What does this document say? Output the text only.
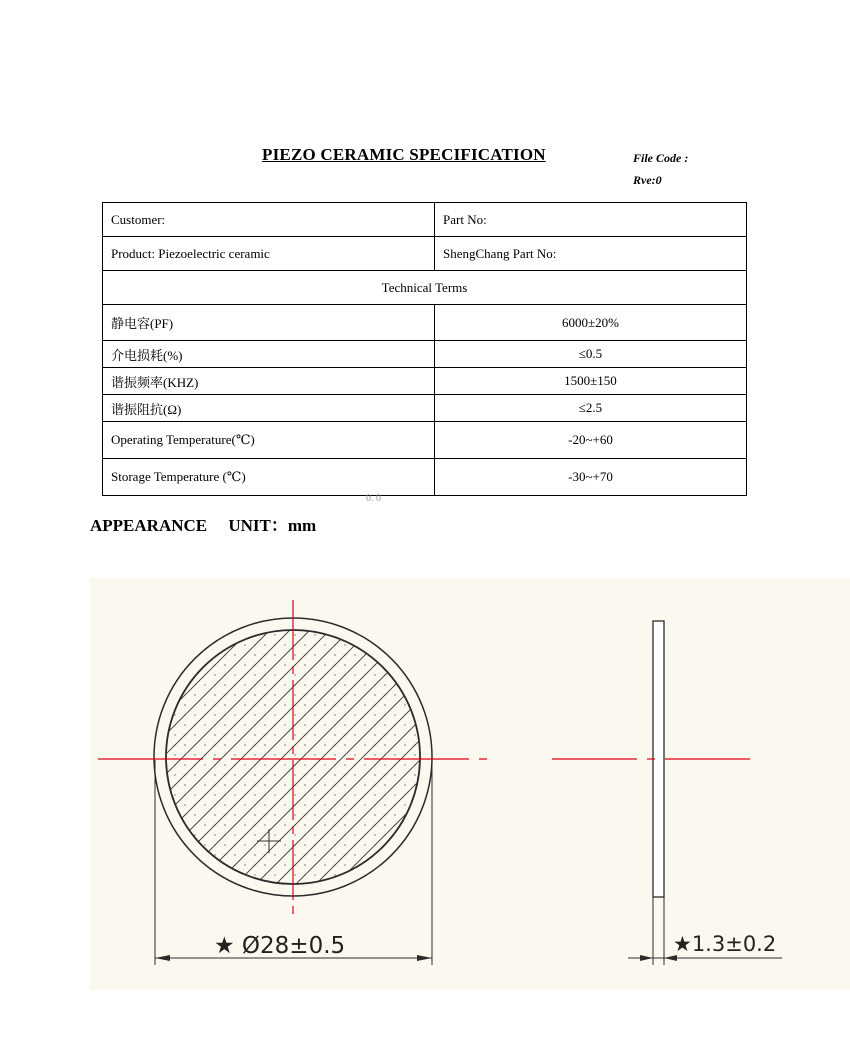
PIEZO CERAMIC SPECIFICATION	File Code :
Rve:0
Customer:	Part No:
Product: Piezoelectric ceramic	ShengChang Part No:
Technical Terms	
静电容(PF)	6000±20%
介电损耗(%)	≤0.5
谐振频率(KHZ)	1500±150
谐振阻抗(Ω)	≤2.5
Operating Temperature(℃)	-20~+60
Storage Temperature (℃)	-30~+70
APPEARANCE     UNIT：mm
0. 0
★ Ø28±0.5	★1.3±0.2
